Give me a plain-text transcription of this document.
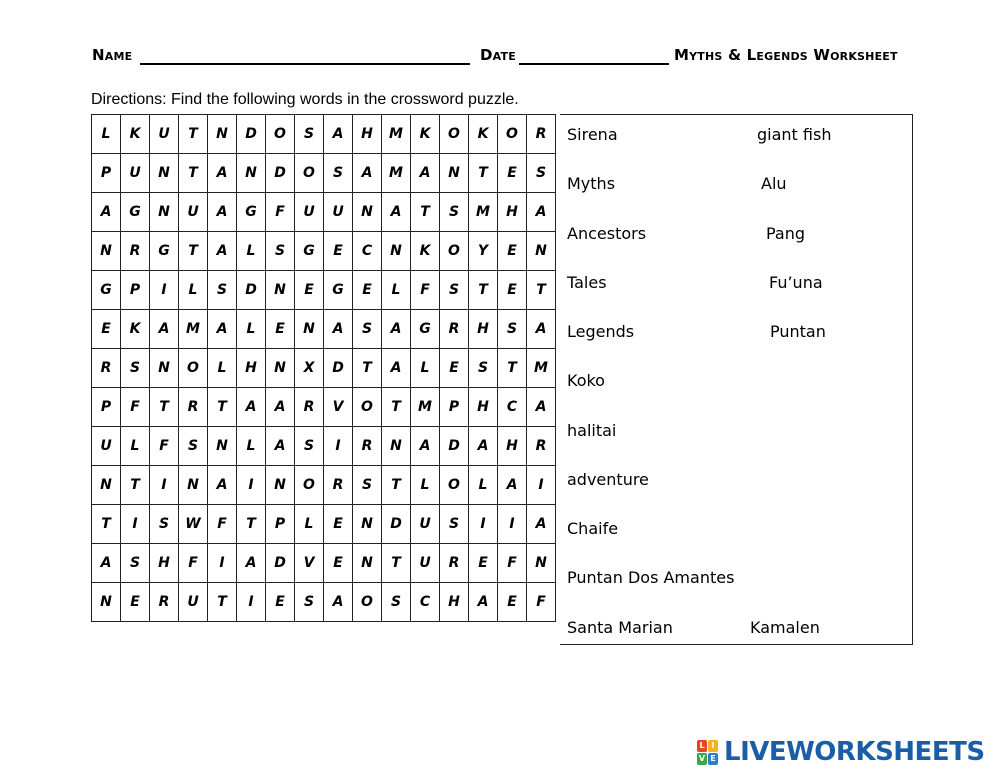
Name	Date	Myths & Legends Worksheet
Directions: Find the following words in the crossword puzzle.
L	K	U	T	N	D	O	S	A	H	M	K	O	K	O	R
P	U	N	T	A	N	D	O	S	A	M	A	N	T	E	S
A	G	N	U	A	G	F	U	U	N	A	T	S	M	H	A
N	R	G	T	A	L	S	G	E	C	N	K	O	Y	E	N
G	P	I	L	S	D	N	E	G	E	L	F	S	T	E	T
E	K	A	M	A	L	E	N	A	S	A	G	R	H	S	A
R	S	N	O	L	H	N	X	D	T	A	L	E	S	T	M
P	F	T	R	T	A	A	R	V	O	T	M	P	H	C	A
U	L	F	S	N	L	A	S	I	R	N	A	D	A	H	R
N	T	I	N	A	I	N	O	R	S	T	L	O	L	A	I
T	I	S	W	F	T	P	L	E	N	D	U	S	I	I	A
A	S	H	F	I	A	D	V	E	N	T	U	R	E	F	N
N	E	R	U	T	I	E	S	A	O	S	C	H	A	E	F
Sirena
Myths
Ancestors
Tales
Legends
Koko
halitai
adventure
Chaife
Puntan Dos Amantes
Santa Marian
giant fish
Alu
Pang
Fu’una
Puntan
Kamalen
L I
V E LIVEWORKSHEETS
